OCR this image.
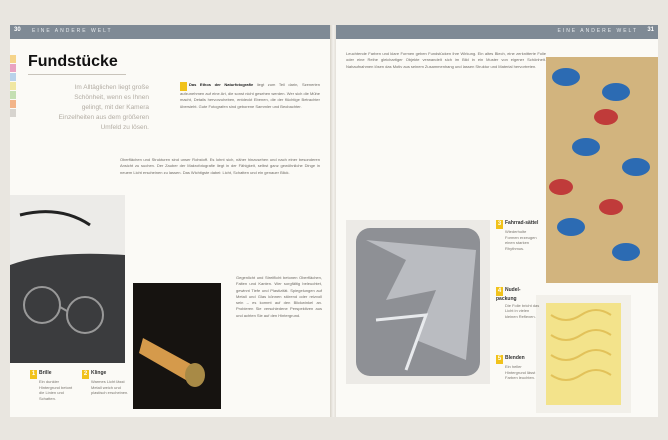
30 EINE ANDERE WELT
Fundstücke
Im Alltäglichen liegt große Schönheit, wenn es Ihnen gelingt, mit der Kamera Einzelheiten aus dem größeren Umfeld zu lösen.
Das Ethos der Naturfotografie liegt zum Teil darin, Szenerien aufzunehmen auf eine Art, die sonst nicht gesehen werden. Wer sich die Mühe macht, Details hervorzuheben, entdeckt Ebenen, die der flüchtige Betrachter übersieht. Gute Fotografen sind geborene Sammler und Beobachter.
Oberflächen und Strukturen sind unser Rohstoff. Es lohnt sich, näher hinzusehen und nach einer besonderen Ansicht zu suchen. Der Zauber der Makrofotografie liegt in der Fähigkeit, selbst ganz gewöhnliche Dinge in neuem Licht erscheinen zu lassen. Das Wichtigste dabei: Licht, Schatten und ein genauer Blick.
Gegenlicht und Streiflicht betonen Oberflächen, Falten und Kanten. Wer sorgfältig beleuchtet, gewinnt Tiefe und Plastizität. Spiegelungen auf Metall und Glas können störend oder reizvoll sein – es kommt auf den Blickwinkel an. Probieren Sie verschiedene Perspektiven aus und achten Sie auf den Hintergrund.
1 Brille
Ein dunkler Hintergrund betont die Linien und Schatten.
2 Klinge
Warmes Licht lässt Metall weich und plastisch erscheinen.
EINE ANDERE WELT 31
Leuchtende Farben und klare Formen geben Fundstücken ihre Wirkung. Ein altes Blech, eine zerknitterte Folie oder eine Reihe gleichartiger Objekte verwandelt sich im Bild in ein Muster von eigener Schönheit. Nahaufnahmen lösen das Motiv aus seinem Zusammenhang und lassen Struktur und Material hervortreten.
3 Fahrrad-sättel
Wiederholte Formen erzeugen einen starken Rhythmus.
4 Nudel-packung
Die Folie bricht das Licht in vielen kleinen Reflexen.
5 Blenden
Ein heller Hintergrund lässt Farben leuchten.
